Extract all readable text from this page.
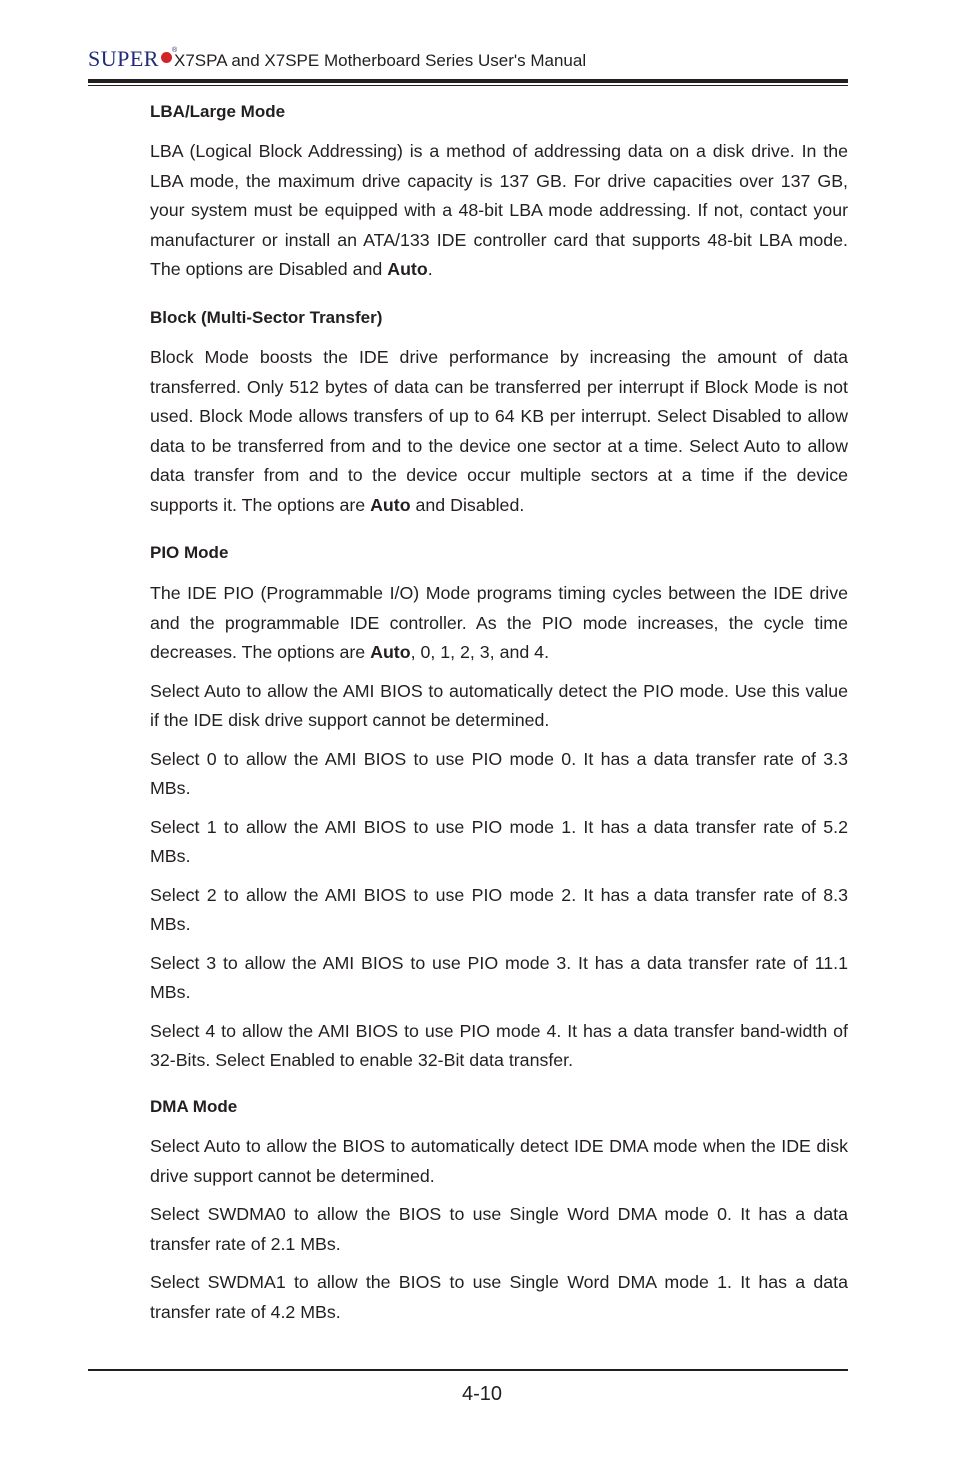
SUPER ®
X7SPA and X7SPE Motherboard Series User's Manual
LBA/Large Mode

LBA (Logical Block Addressing) is a method of addressing data on a disk drive. In the LBA mode, the maximum drive capacity is 137 GB. For drive capacities over 137 GB, your system must be equipped with a 48-bit LBA mode addressing. If not, contact your manufacturer or install an ATA/133 IDE controller card that supports 48-bit LBA mode. The options are Disabled and Auto.

Block (Multi-Sector Transfer)

Block Mode boosts the IDE drive performance by increasing the amount of data transferred. Only 512 bytes of data can be transferred per interrupt if Block Mode is not used. Block Mode allows transfers of up to 64 KB per interrupt. Select Disabled to allow data to be transferred from and to the device one sector at a time. Select Auto to allow data transfer from and to the device occur multiple sectors at a time if the device supports it. The options are Auto and Disabled.

PIO Mode

The IDE PIO (Programmable I/O) Mode programs timing cycles between the IDE drive and the programmable IDE controller. As the PIO mode increases, the cycle time decreases. The options are Auto, 0, 1, 2, 3, and 4.

Select Auto to allow the AMI BIOS to automatically detect the PIO mode. Use this value if the IDE disk drive support cannot be determined.

Select 0 to allow the AMI BIOS to use PIO mode 0. It has a data transfer rate of 3.3 MBs.

Select 1 to allow the AMI BIOS to use PIO mode 1. It has a data transfer rate of 5.2 MBs.

Select 2 to allow the AMI BIOS to use PIO mode 2. It has a data transfer rate of 8.3 MBs.

Select 3 to allow the AMI BIOS to use PIO mode 3. It has a data transfer rate of 11.1 MBs.

Select 4 to allow the AMI BIOS to use PIO mode 4. It has a data transfer band-width of 32-Bits. Select Enabled to enable 32-Bit data transfer.

DMA Mode

Select Auto to allow the BIOS to automatically detect IDE DMA mode when the IDE disk drive support cannot be determined.

Select SWDMA0 to allow the BIOS to use Single Word DMA mode 0. It has a data transfer rate of 2.1 MBs.

Select SWDMA1 to allow the BIOS to use Single Word DMA mode 1. It has a data transfer rate of 4.2 MBs.

4-10
